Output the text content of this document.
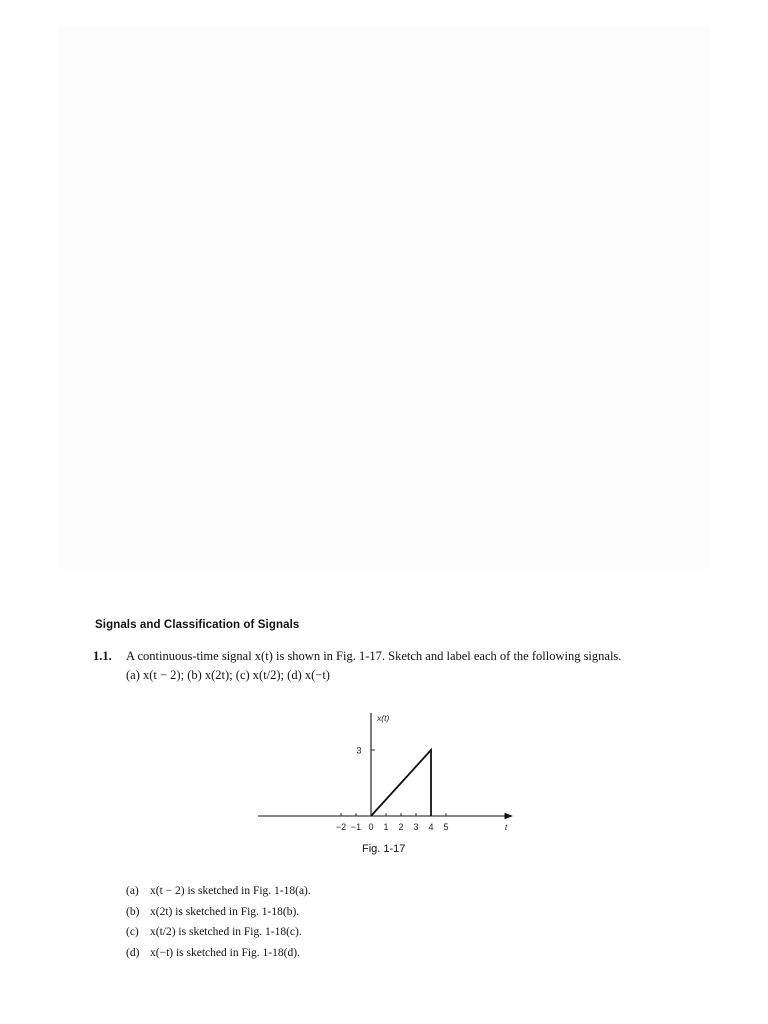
Signals and Classification of Signals
1.1. A continuous-time signal x(t) is shown in Fig. 1-17. Sketch and label each of the following signals.
(a) x(t − 2); (b) x(2t); (c) x(t/2); (d) x(−t)
−2 −1 0 1 2 3 4 5
3
x(t)
t
Fig. 1-17
(a) x(t − 2) is sketched in Fig. 1-18(a).
(b) x(2t) is sketched in Fig. 1-18(b).
(c) x(t/2) is sketched in Fig. 1-18(c).
(d) x(−t) is sketched in Fig. 1-18(d).
